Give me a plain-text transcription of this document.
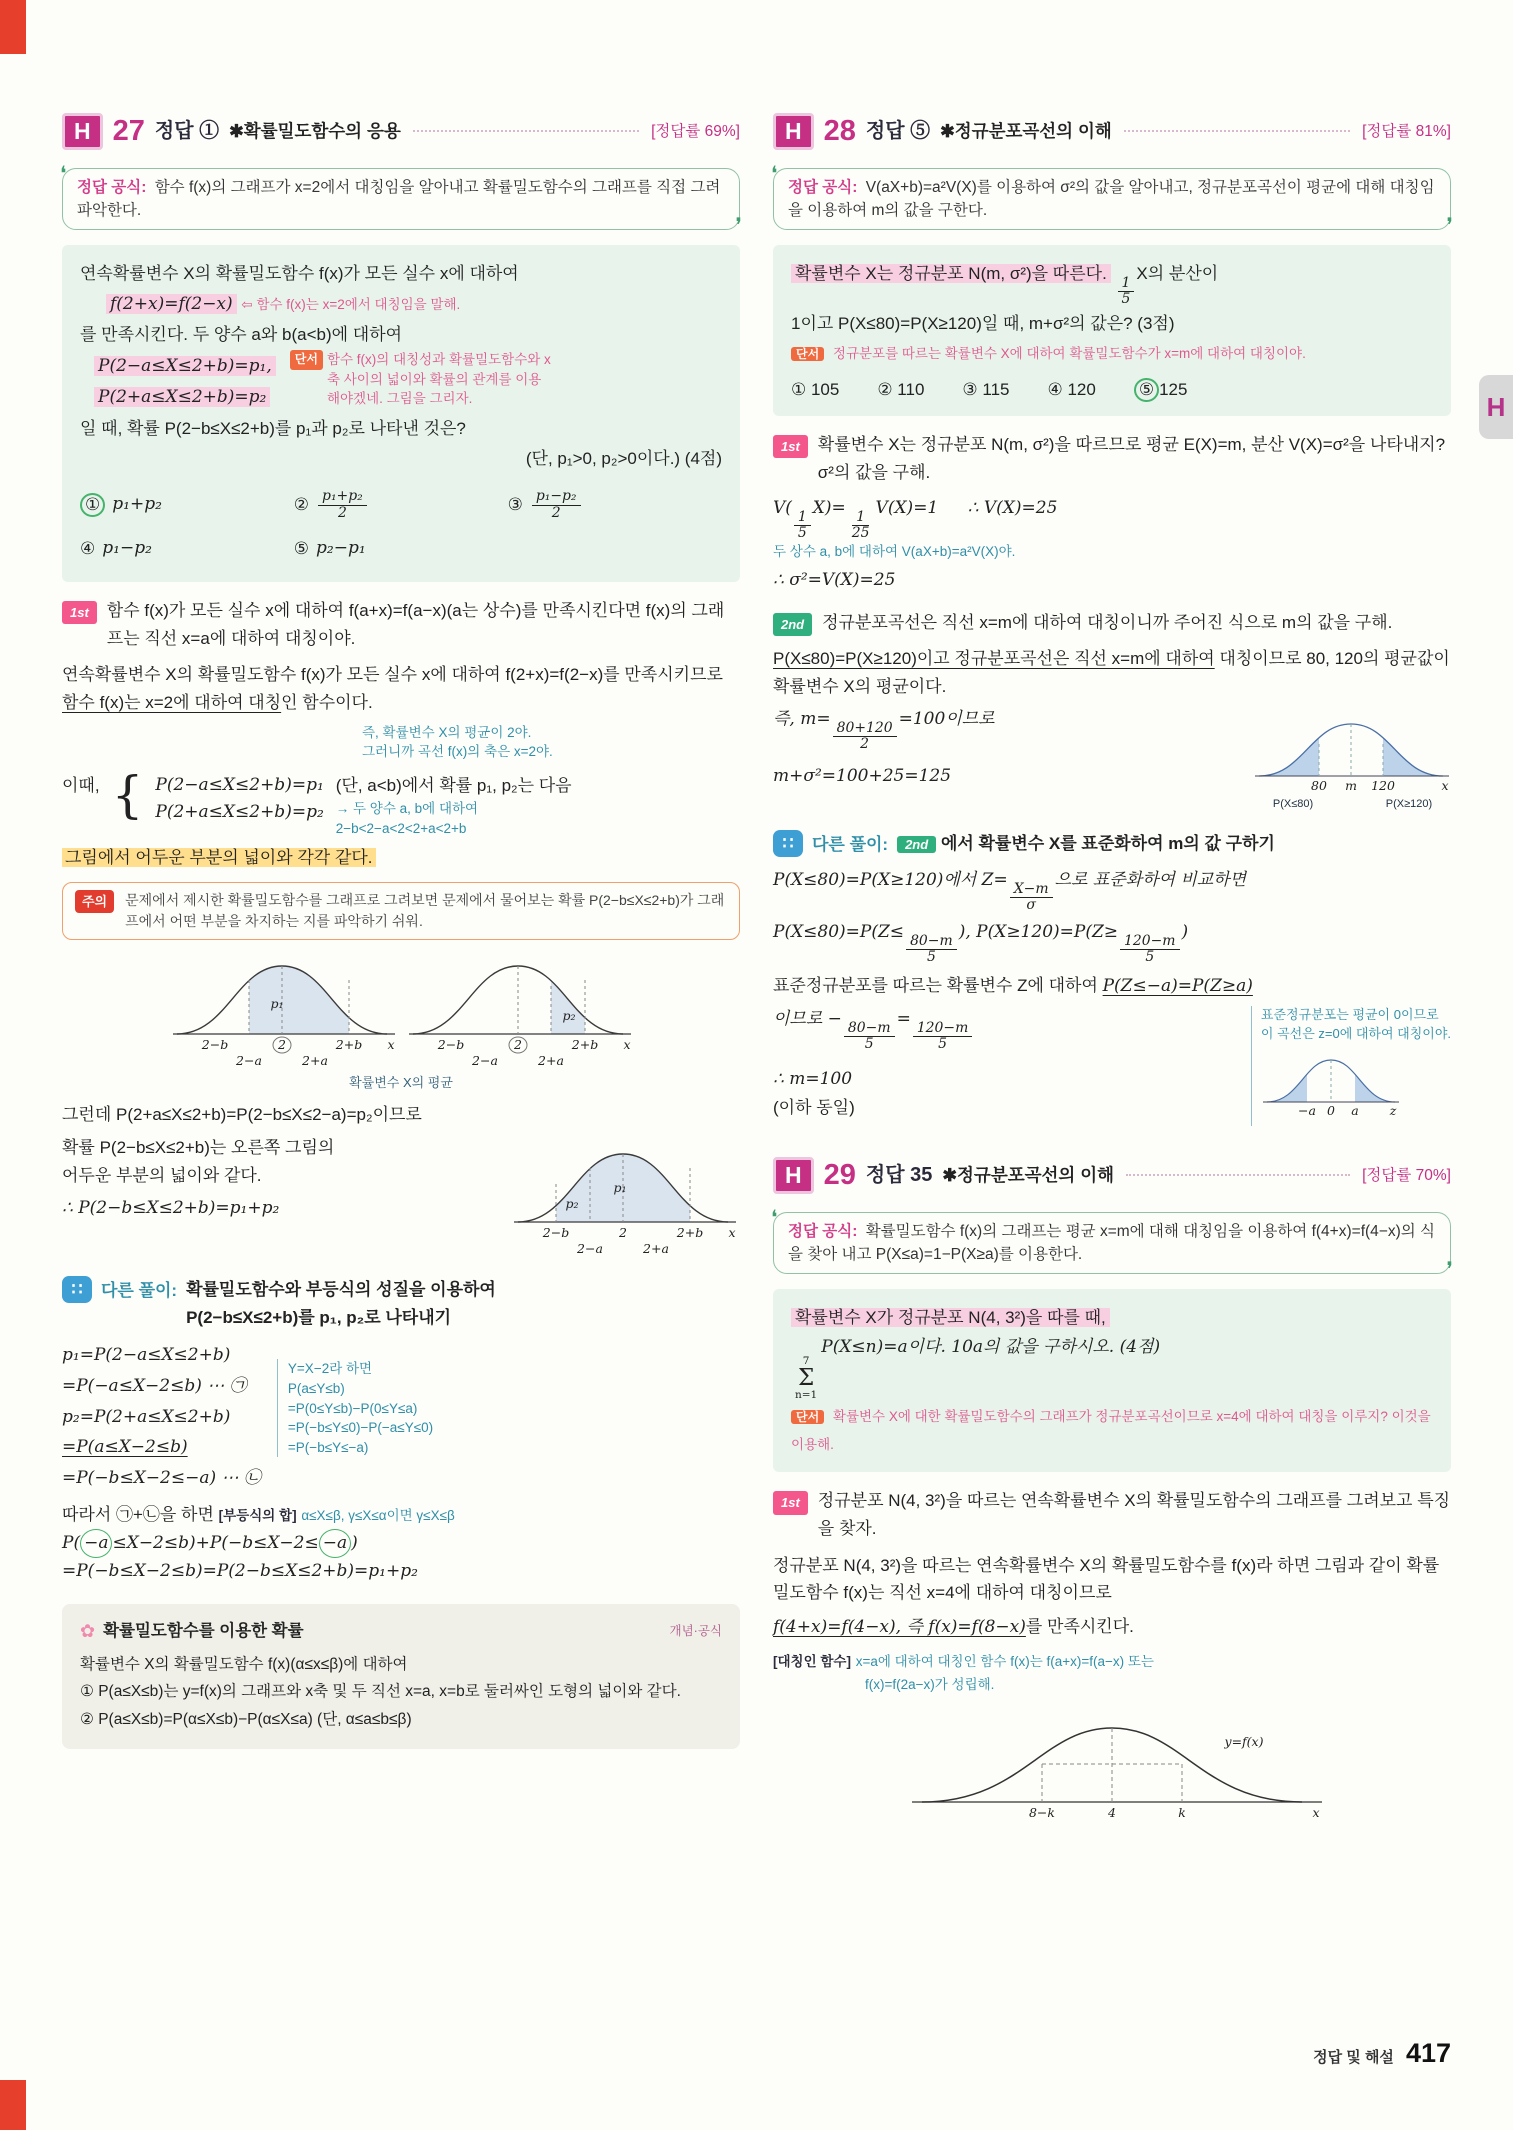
H
H 27 정답 ① ✱확률밀도함수의 응용	[정답률 69%]
❛ 정답 공식: 함수 f(x)의 그래프가 x=2에서 대칭임을 알아내고 확률밀도함수의 그래프를 직접 그려 파악한다. ❜
연속확률변수 X의 확률밀도함수 f(x)가 모든 실수 x에 대하여
f(2+x)=f(2−x) ⇦ 함수 f(x)는 x=2에서 대칭임을 말해.
를 만족시킨다. 두 양수 a와 b(a<b)에 대하여
P(2−a≤X≤2+b)=p₁,
P(2+a≤X≤2+b)=p₂
단서 함수 f(x)의 대칭성과 확률밀도함수와 x축 사이의 넓이와 확률의 관계를 이용해야겠네. 그림을 그리자.
일 때, 확률 P(2−b≤X≤2+b)를 p₁과 p₂로 나타낸 것은?
(단, p₁>0, p₂>0이다.) (4점)
① p₁+p₂	② $\frac{\text{p₁+p₂}}{2}$	③ $\frac{\text{p₁−p₂}}{2}$
④ p₁−p₂	⑤ p₂−p₁
1st	함수 f(x)가 모든 실수 x에 대하여 f(a+x)=f(a−x)(a는 상수)를 만족시킨다면 f(x)의 그래프는 직선 x=a에 대하여 대칭이야.

연속확률변수 X의 확률밀도함수 f(x)가 모든 실수 x에 대하여 f(2+x)=f(2−x)를 만족시키므로 함수 f(x)는 x=2에 대하여 대칭인 함수이다.

즉, 확률변수 X의 평균이 2야.
그러니까 곡선 f(x)의 축은 x=2야.
이때, { P(2−a≤X≤2+b)=p₁
P(2+a≤X≤2+b)=p₂
(단, a<b)에서 확률 p₁, p₂는 다음
→ 두 양수 a, b에 대하여
2−b<2−a<2<2+a<2+b
그림에서 어두운 부분의 넓이와 각각 같다.
주의	문제에서 제시한 확률밀도함수를 그래프로 그려보면 문제에서 물어보는 확률 P(2−b≤X≤2+b)가 그래프에서 어떤 부분을 차지하는 지를 파악하기 쉬워.
p₁
2−b	2	2+b x
2−a	2+a
p₂
2−b	2	2+b x
2−a	2+a
확률변수 X의 평균
그런데 P(2+a≤X≤2+b)=P(2−b≤X≤2−a)=p₂이므로
확률 P(2−b≤X≤2+b)는 오른쪽 그림의
어두운 부분의 넓이와 같다.
∴ P(2−b≤X≤2+b)=p₁+p₂	p₂
p₁
2−b	2	2+b x
2−a	2+a
∷	다른 풀이: 확률밀도함수와 부등식의 성질을 이용하여
P(2−b≤X≤2+b)를 p₁, p₂로 나타내기
p₁=P(2−a≤X≤2+b)
=P(−a≤X−2≤b) ⋯ ㉠
p₂=P(2+a≤X≤2+b)
=P(a≤X−2≤b)
=P(−b≤X−2≤−a) ⋯ ㉡
Y=X−2라 하면
P(a≤Y≤b)
=P(0≤Y≤b)−P(0≤Y≤a)
=P(−b≤Y≤0)−P(−a≤Y≤0)
=P(−b≤Y≤−a)
따라서 ㉠+㉡을 하면 [부등식의 합] α≤X≤β, γ≤X≤α이면 γ≤X≤β
P( −a ≤X−2≤b)+P(−b≤X−2≤ −a )
=P(−b≤X−2≤b)=P(2−b≤X≤2+b)=p₁+p₂
✿ 확률밀도함수를 이용한 확률	개념·공식
확률변수 X의 확률밀도함수 f(x)(α≤x≤β)에 대하여
① P(a≤X≤b)는 y=f(x)의 그래프와 x축 및 두 직선 x=a, x=b로 둘러싸인 도형의 넓이와 같다.
② P(a≤X≤b)=P(α≤X≤b)−P(α≤X≤a) (단, α≤a≤b≤β)
H 28 정답 ⑤ ✱정규분포곡선의 이해	[정답률 81%]
❛ 정답 공식: V(aX+b)=a²V(X)를 이용하여 σ²의 값을 알아내고, 정규분포곡선이 평균에 대해 대칭임을 이용하여 m의 값을 구한다. ❜
확률변수 X는 정규분포 N(m, σ²)을 따른다.
$\frac{1}{5}$
X의 분산이
1이고 P(X≤80)=P(X≥120)일 때, m+σ²의 값은? (3점)
단서 정규분포를 따르는 확률변수 X에 대하여 확률밀도함수가 x=m에 대하여 대칭이야.
① 105 ② 110 ③ 115 ④ 120	⑤ 125
1st	확률변수 X는 정규분포 N(m, σ²)을 따르므로 평균 E(X)=m, 분산 V(X)=σ²을 나타내지? σ²의 값을 구해.
V(
$\frac{1}{5}$
X)=
$\frac{1}{25}$
V(X)=1 ∴ V(X)=25
두 상수 a, b에 대하여 V(aX+b)=a²V(X)야.
∴ σ²=V(X)=25
2nd	정규분포곡선은 직선 x=m에 대하여 대칭이니까 주어진 식으로 m의 값을 구해.

P(X≤80)=P(X≥120)이고 정규분포곡선은 직선 x=m에 대하여 대칭이므로 80, 120의 평균값이 확률변수 X의 평균이다.

즉, m=
$\frac{80+120}{2}$
=100이므로
m+σ²=100+25=125
80 m 120	x
P(X≤80)	P(X≥120)
∷	다른 풀이:	2nd 에서 확률변수 X를 표준화하여 m의 값 구하기
P(X≤80)=P(X≥120)에서 Z=
$\frac{X-m}{\sigma}$
으로 표준화하여 비교하면
P(X≤80)=P(Z≤
$\frac{80-m}{5}$
), P(X≥120)=P(Z≥
$\frac{120-m}{5}$
)
표준정규분포를 따르는 확률변수 Z에 대하여 P(Z≤−a)=P(Z≥a)
이므로 −
$\frac{80-m}{5}$
=
$\frac{120-m}{5}$
∴ m=100
(이하 동일)
표준정규분포는 평균이 0이므로
이 곡선은 z=0에 대하여 대칭이야.
−a 0 a z
H 29 정답 35 ✱정규분포곡선의 이해	[정답률 70%]
❛ 정답 공식: 확률밀도함수 f(x)의 그래프는 평균 x=m에 대해 대칭임을 이용하여 f(4+x)=f(4−x)의 식을 찾아 내고 P(X≤a)=1−P(X≥a)를 이용한다. ❜
확률변수 X가 정규분포 N(4, 3²)을 따를 때,
7
Σ
n=1
P(X≤n)=a이다. 10a의 값을 구하시오. (4점)
단서 확률변수 X에 대한 확률밀도함수의 그래프가 정규분포곡선이므로 x=4에 대하여 대칭을 이루지? 이것을 이용해.
1st	정규분포 N(4, 3²)을 따르는 연속확률변수 X의 확률밀도함수의 그래프를 그려보고 특징을 찾자.

정규분포 N(4, 3²)을 따르는 연속확률변수 X의 확률밀도함수를 f(x)라 하면 그림과 같이 확률밀도함수 f(x)는 직선 x=4에 대하여 대칭이므로

f(4+x)=f(4−x), 즉 f(x)=f(8−x)를 만족시킨다.

[대칭인 함수] x=a에 대하여 대칭인 함수 f(x)는 f(a+x)=f(a−x) 또는
f(x)=f(2a−x)가 성립해.
y=f(x)
8−k	4	k	x
정답 및 해설 417
